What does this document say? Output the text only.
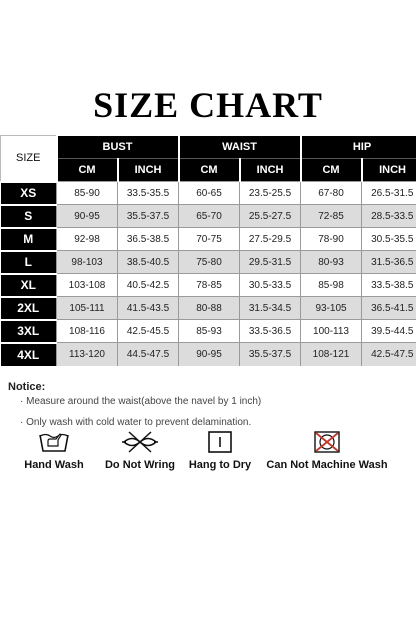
SIZE CHART
SIZE	BUST		WAIST		HIP	
	CM	INCH	CM	INCH	CM	INCH
XS	85-90	33.5-35.5	60-65	23.5-25.5	67-80	26.5-31.5
S	90-95	35.5-37.5	65-70	25.5-27.5	72-85	28.5-33.5
M	92-98	36.5-38.5	70-75	27.5-29.5	78-90	30.5-35.5
L	98-103	38.5-40.5	75-80	29.5-31.5	80-93	31.5-36.5
XL	103-108	40.5-42.5	78-85	30.5-33.5	85-98	33.5-38.5
2XL	105-111	41.5-43.5	80-88	31.5-34.5	93-105	36.5-41.5
3XL	108-116	42.5-45.5	85-93	33.5-36.5	100-113	39.5-44.5
4XL	113-120	44.5-47.5	90-95	35.5-37.5	108-121	42.5-47.5
Notice:
· Measure around the waist(above the navel by 1 inch)
· Only wash with cold water to prevent delamination.
Hand Wash	Do Not Wring	Hang to Dry	Can Not Machine Wash
